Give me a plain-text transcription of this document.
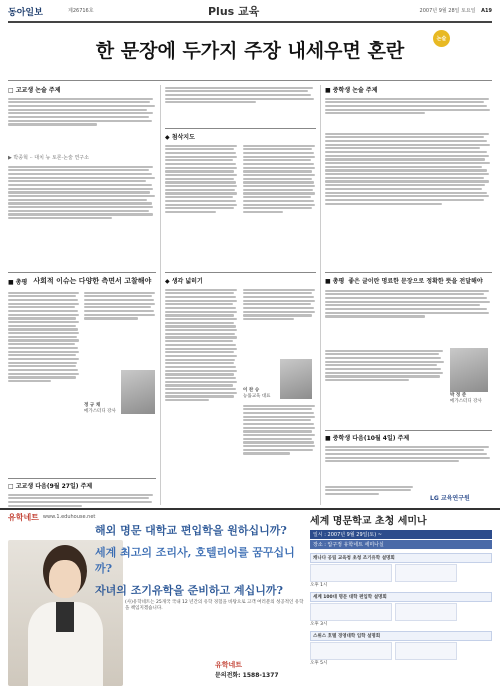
동아일보	제26716호	Plus 교육	2007년 9월 28일 토요일 A19
한 문장에 두가지 주장 내세우면 혼란
논술
□ 고교생 논술 주제
▶ 박종혁 ·· 대치 뉴 토론·논술 연구소
■ 총평 사회적 이슈는 다양한 측면서 고찰해야
정 규 채
메가스터디 강사
□ 고교생 다음(9월 27일) 주제
◆ 첨삭지도
◆ 생각 넓히기
이 찬 승
능률교육 대표
■ 중학생 논술 주제
■ 총평 좋은 글이란 명료한 문장으로 정확한 뜻을 전달해야
박 정 준
메가스터디 강사
■ 중학생 다음(10월 4일) 주제
LG 교육연구원
유학네트 www.1.eduhouse.net
해외 명문 대학교 편입학을 원하십니까?
세계 최고의 조리사, 호텔리어를 꿈꾸십니까?
자녀의 조기유학을 준비하고 계십니까?
(사)유학네트는 25개국 국내 12 년간의 유학 경험을 바탕으로 고객 여러분의 성공적인 유학을 책임지겠습니다.
유학네트
문의전화: 1588-1377
세계 명문학교 초청 세미나
일시 : 2007년 9월 29일(토) ~
장소 : 압구정 유학네트 세미나실
캐나다 공립 교육청 초청 조기유학 설명회
오후 1시
세계 100대 명문 대학 편입학 설명회
오후 3시
스위스 호텔 경영대학 입학 설명회
오후 5시
